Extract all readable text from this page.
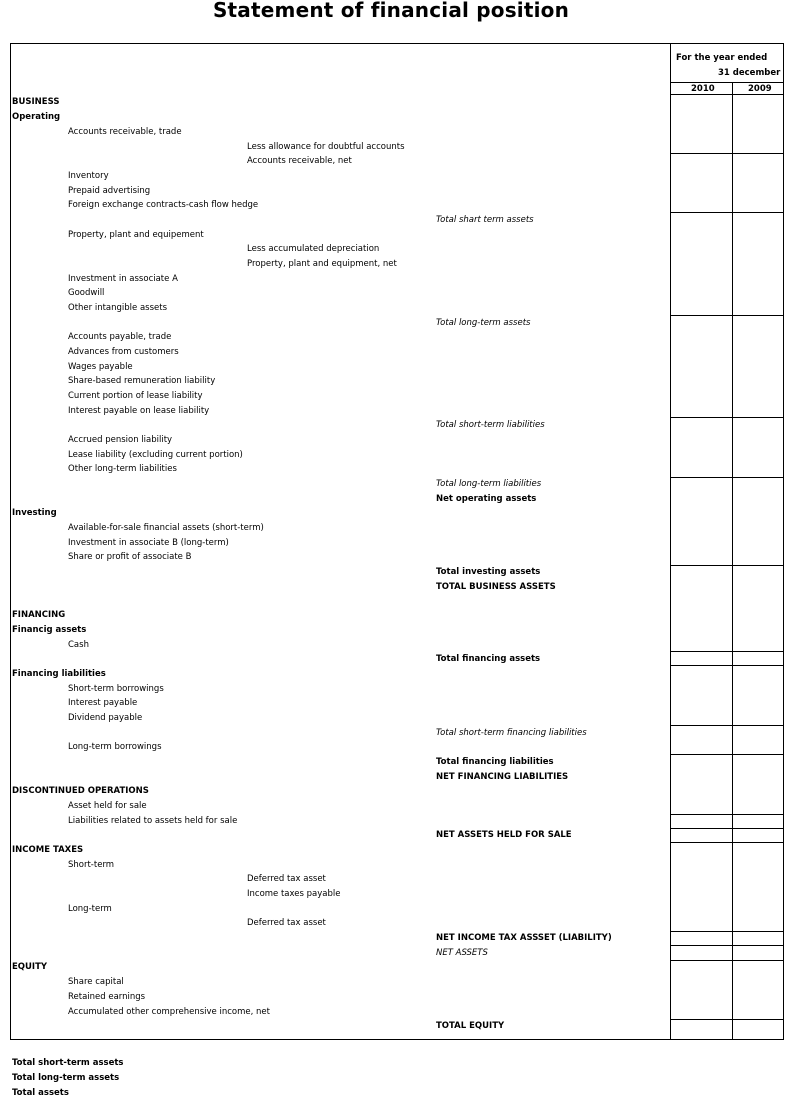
Statement of financial position
For the year ended
31 december
2010	2009
BUSINESS
Operating
Accounts receivable, trade
Less allowance for doubtful accounts
Accounts receivable, net
Inventory
Prepaid advertising
Foreign exchange contracts-cash flow hedge
Total shart term assets
Property, plant and equipement
Less accumulated depreciation
Property, plant and equipment, net
Investment in associate A
Goodwill
Other intangible assets
Total long-term assets
Accounts payable, trade
Advances from customers
Wages payable
Share-based remuneration liability
Current portion of lease liability
Interest payable on lease liability
Total short-term liabilities
Accrued pension liability
Lease liability (excluding current portion)
Other long-term liabilities
Total long-term liabilities
Net operating assets
Investing
Available-for-sale financial assets (short-term)
Investment in associate B (long-term)
Share or profit of associate B
Total investing assets
TOTAL BUSINESS ASSETS
FINANCING
Financig assets
Cash
Total financing assets
Financing liabilities
Short-term borrowings
Interest payable
Dividend payable
Total short-term financing liabilities
Long-term borrowings
Total financing liabilities
NET FINANCING LIABILITIES
DISCONTINUED OPERATIONS
Asset held for sale
Liabilities related to assets held for sale
NET ASSETS HELD FOR SALE
INCOME TAXES
Short-term
Deferred tax asset
Income taxes payable
Long-term
Deferred tax asset
NET INCOME TAX ASSSET (LIABILITY)
NET ASSETS
EQUITY
Share capital
Retained earnings
Accumulated other comprehensive income, net
TOTAL EQUITY
Total short-term assets
Total long-term assets
Total assets
